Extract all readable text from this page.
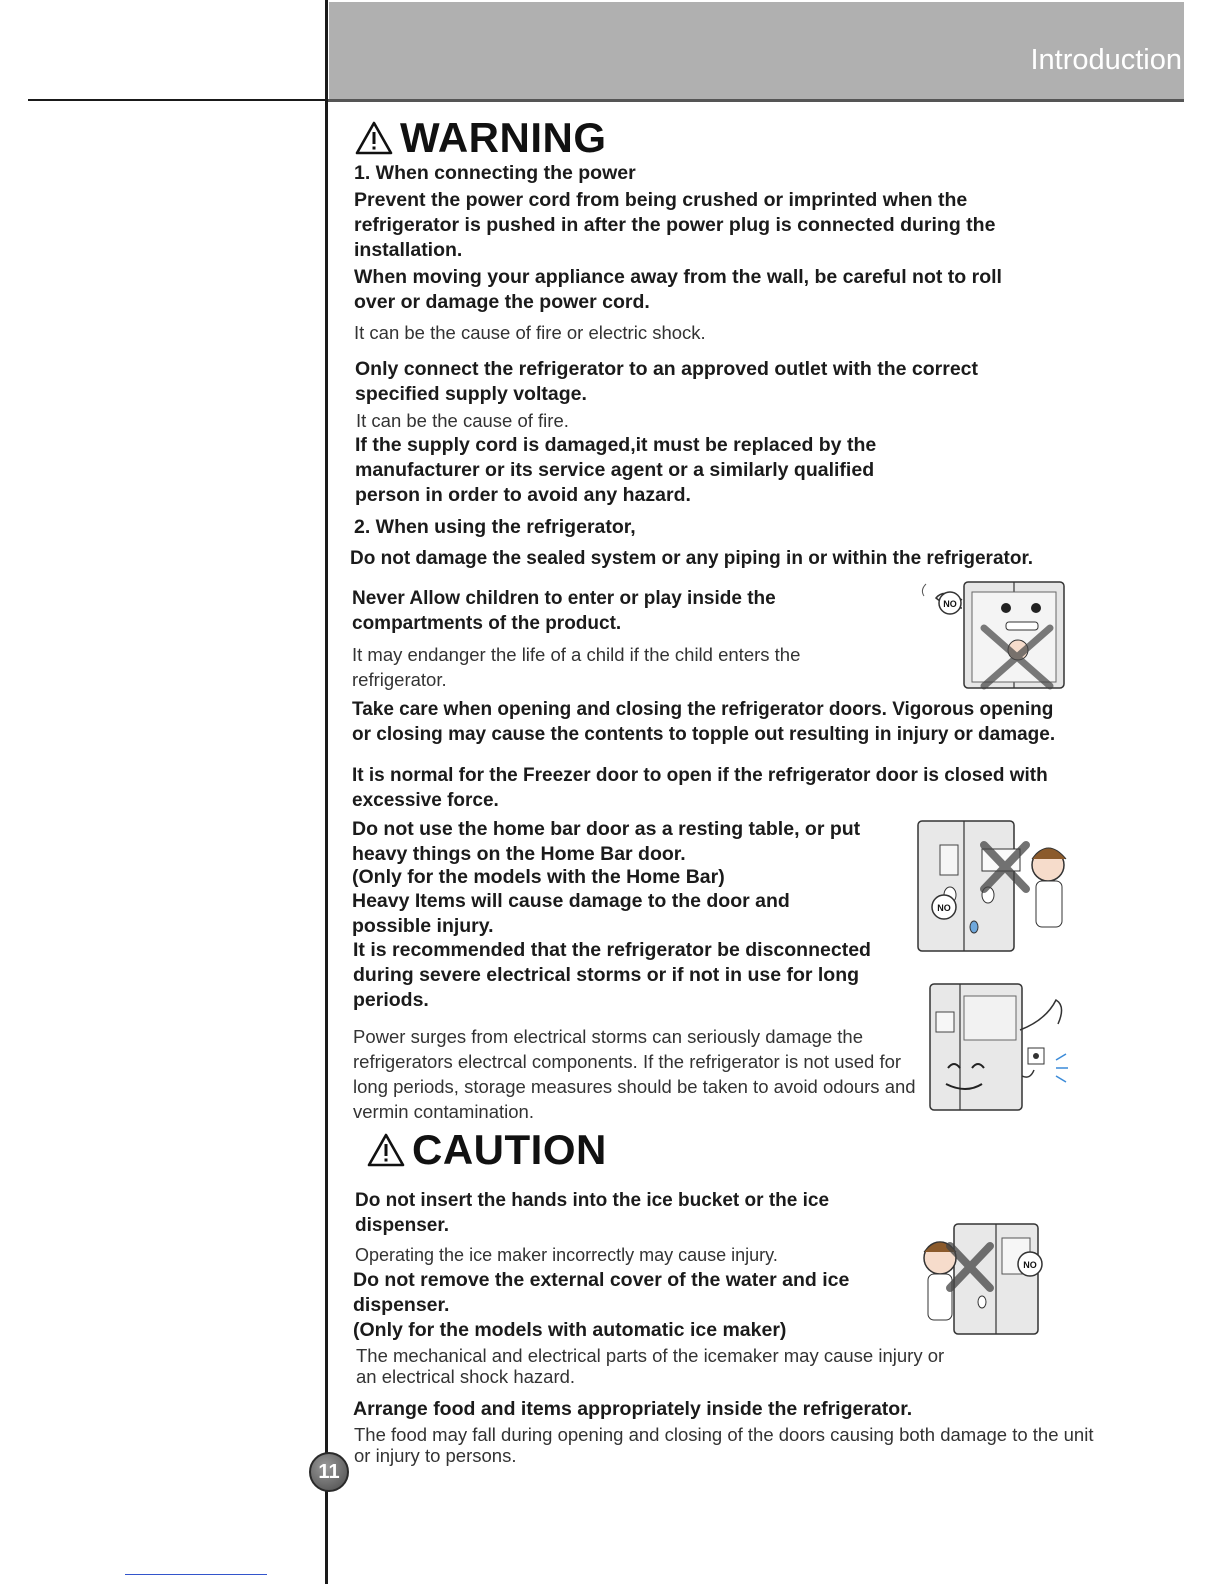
Introduction
WARNING
1. When connecting the power
Prevent the power cord from being crushed or imprinted when the refrigerator is pushed in after the power plug is connected during the installation.
When moving your appliance away from the wall, be careful not to roll over or damage the power cord.
It can be the cause of fire or electric shock.
Only connect the refrigerator to an approved outlet with the correct specified supply voltage.
It can be the cause of fire.
If the supply cord is damaged,it must be replaced by the manufacturer or its service agent or a similarly qualified person in order to avoid any hazard.
2. When using the refrigerator,
Do not damage the sealed system or any piping in or within the refrigerator.
Never Allow children to enter or play inside the compartments of the product.
It may endanger the life of a child if the child enters the refrigerator.
Take care when opening and closing the refrigerator doors. Vigorous opening or closing may cause the contents to topple out resulting in injury or damage.
It is normal for the Freezer door to open if the refrigerator door is closed with excessive force.
Do not use the home bar door as a resting table, or put heavy things on the Home Bar door.
(Only for the models with the Home Bar)
Heavy Items will cause damage to the door and possible injury.
It is recommended that the refrigerator be disconnected during severe electrical storms or if not in use for long periods.
Power surges from electrical storms can seriously damage the refrigerators electrcal components. If the refrigerator is not used for long periods, storage measures should be taken to avoid odours and vermin contamination.
CAUTION
Do not insert the hands into the ice bucket or the ice dispenser.
Operating the ice maker incorrectly may cause injury.
Do not remove the external cover of the water and ice dispenser.
(Only for the models with automatic ice maker)
The mechanical and electrical parts of the icemaker may cause injury or an electrical shock hazard.
Arrange food and items appropriately inside the refrigerator.
The food may fall during opening and closing of the doors causing both damage to the unit or injury to persons.
NO
NO
NO
11
